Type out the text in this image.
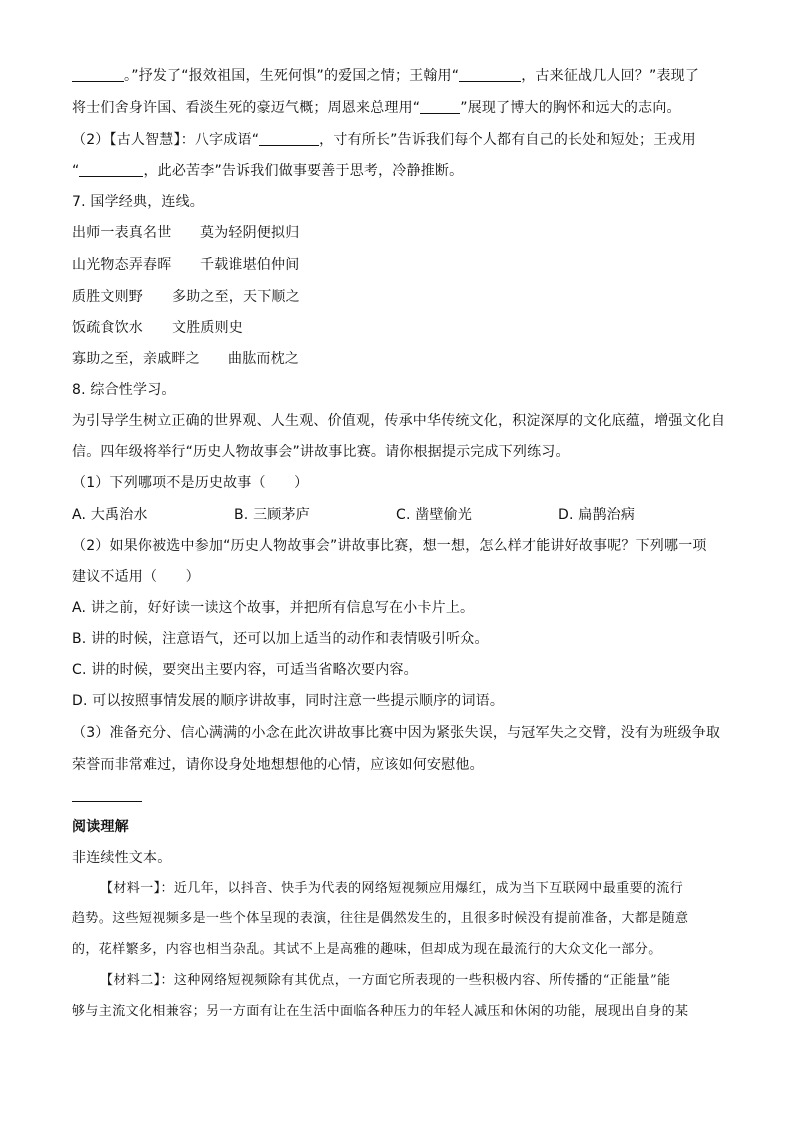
。”抒发了“报效祖国，生死何惧”的爱国之情；王翰用“	，古来征战几人回？”表现了
将士们舍身许国、看淡生死的豪迈气概；周恩来总理用“	”展现了博大的胸怀和远大的志向。
（2）【古人智慧】：八字成语“	，寸有所长”告诉我们每个人都有自己的长处和短处；王戎用
“	，此必苦李”告诉我们做事要善于思考，冷静推断。
7. 国学经典，连线。
出师一表真名世 莫为轻阴便拟归
山光物态弄春晖 千载谁堪伯仲间
质胜文则野 多助之至，天下顺之
饭疏食饮水 文胜质则史
寡助之至，亲戚畔之 曲肱而枕之
8. 综合性学习。
为引导学生树立正确的世界观、人生观、价值观，传承中华传统文化，积淀深厚的文化底蕴，增强文化自
信。四年级将举行“历史人物故事会”讲故事比赛。请你根据提示完成下列练习。
（1）下列哪项不是历史故事（　　）
A. 大禹治水	B. 三顾茅庐	C. 凿壁偷光	D. 扁鹊治病
（2）如果你被选中参加“历史人物故事会”讲故事比赛，想一想，怎么样才能讲好故事呢？下列哪一项
建议不适用（　　）
A. 讲之前，好好读一读这个故事，并把所有信息写在小卡片上。
B. 讲的时候，注意语气，还可以加上适当的动作和表情吸引听众。
C. 讲的时候，要突出主要内容，可适当省略次要内容。
D. 可以按照事情发展的顺序讲故事，同时注意一些提示顺序的词语。
（3）准备充分、信心满满的小念在此次讲故事比赛中因为紧张失误，与冠军失之交臂，没有为班级争取
荣誉而非常难过，请你设身处地想想他的心情，应该如何安慰他。
阅读理解
非连续性文本。
【材料一】：近几年，以抖音、快手为代表的网络短视频应用爆红，成为当下互联网中最重要的流行
趋势。这些短视频多是一些个体呈现的表演，往往是偶然发生的，且很多时候没有提前准备，大都是随意
的，花样繁多，内容也相当杂乱。其试不上是高雅的趣味，但却成为现在最流行的大众文化一部分。
【材料二】：这种网络短视频除有其优点，一方面它所表现的一些积极内容、所传播的“正能量”能
够与主流文化相兼容；另一方面有让在生活中面临各种压力的年轻人减压和休闲的功能，展现出自身的某
